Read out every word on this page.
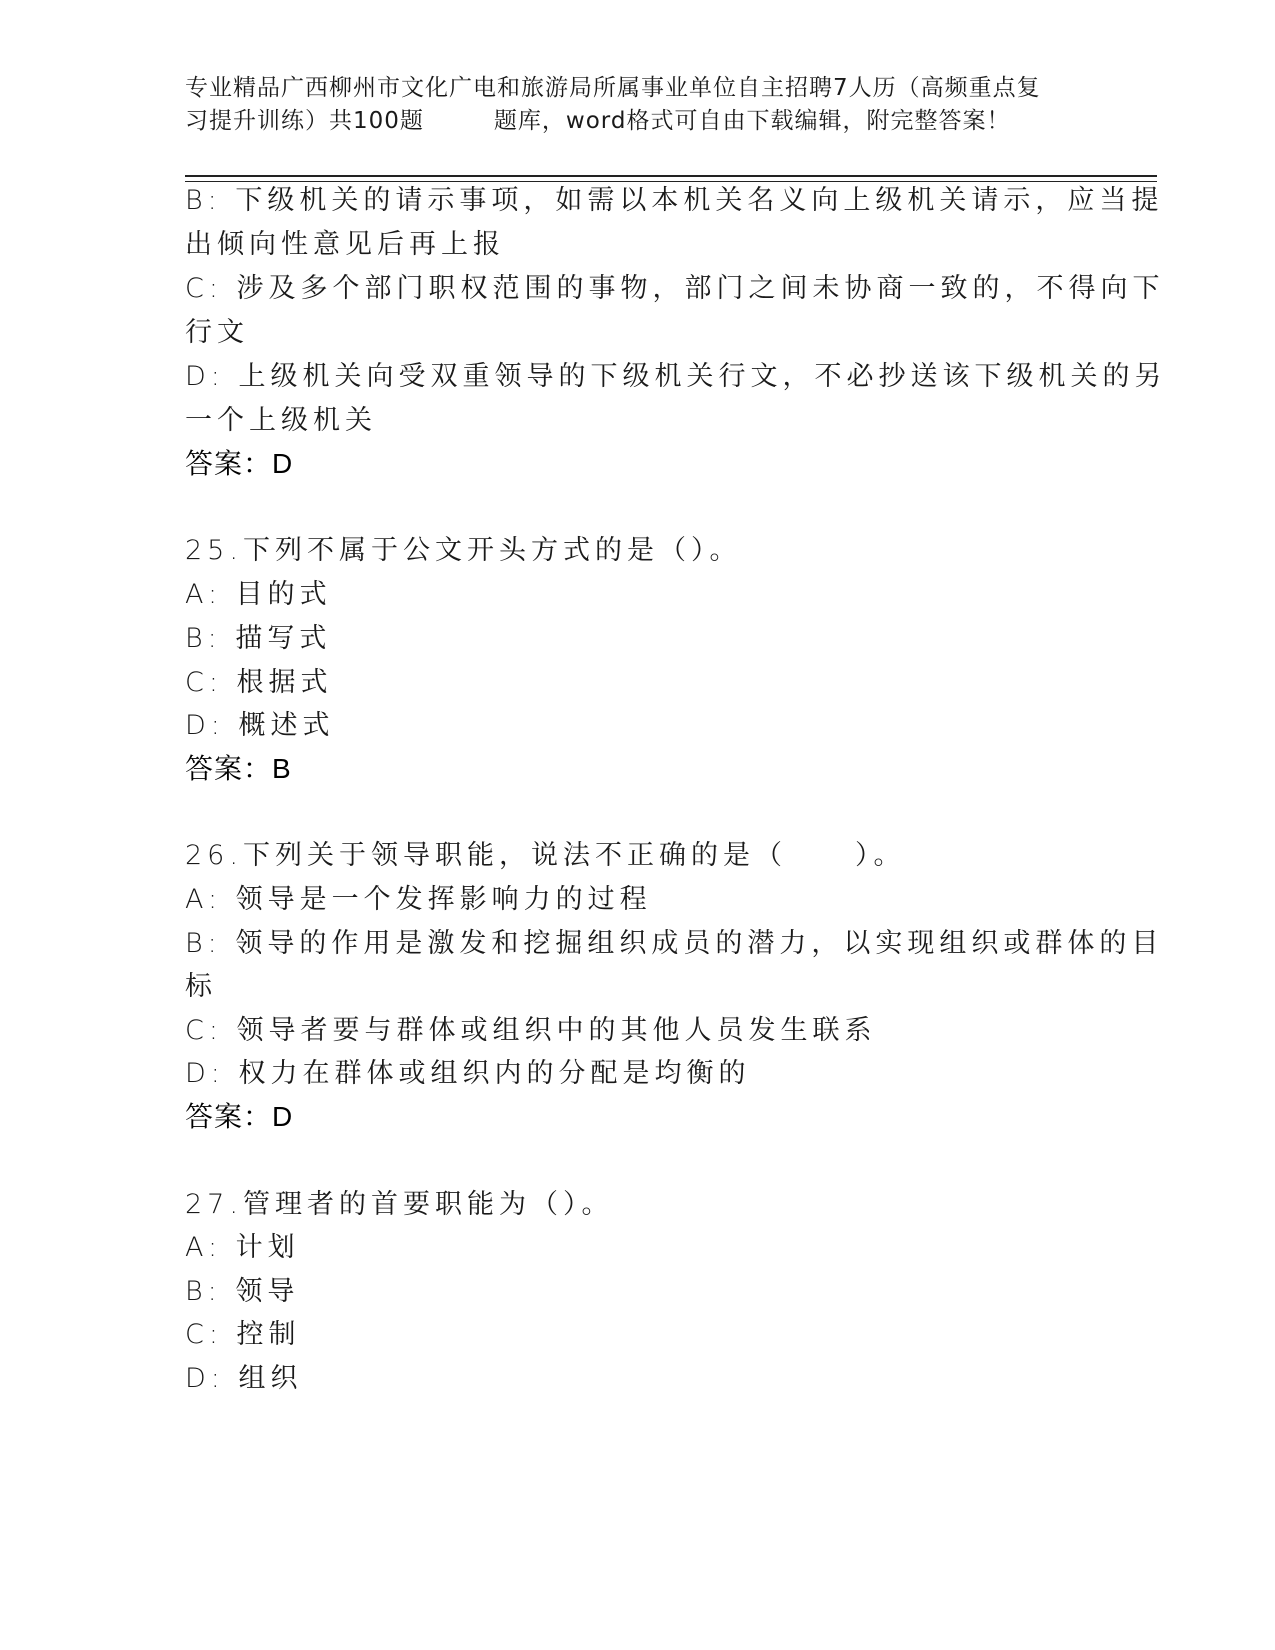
专业精品广西柳州市文化广电和旅游局所属事业单位自主招聘7人历（高频重点复
习提升训练）共100题	题库，word格式可自由下载编辑，附完整答案！
B: 下级机关的请示事项，如需以本机关名义向上级机关请示，应当提
出倾向性意见后再上报
C: 涉及多个部门职权范围的事物，部门之间未协商一致的，不得向下
行文
D: 上级机关向受双重领导的下级机关行文，不必抄送该下级机关的另
一个上级机关
答案：D
25.下列不属于公文开头方式的是（）。
A: 目的式
B: 描写式
C: 根据式
D: 概述式
答案：B
26.下列关于领导职能，说法不正确的是（	）。
A: 领导是一个发挥影响力的过程
B: 领导的作用是激发和挖掘组织成员的潜力，以实现组织或群体的目
标
C: 领导者要与群体或组织中的其他人员发生联系
D: 权力在群体或组织内的分配是均衡的
答案：D
27.管理者的首要职能为（）。
A: 计划
B: 领导
C: 控制
D: 组织
